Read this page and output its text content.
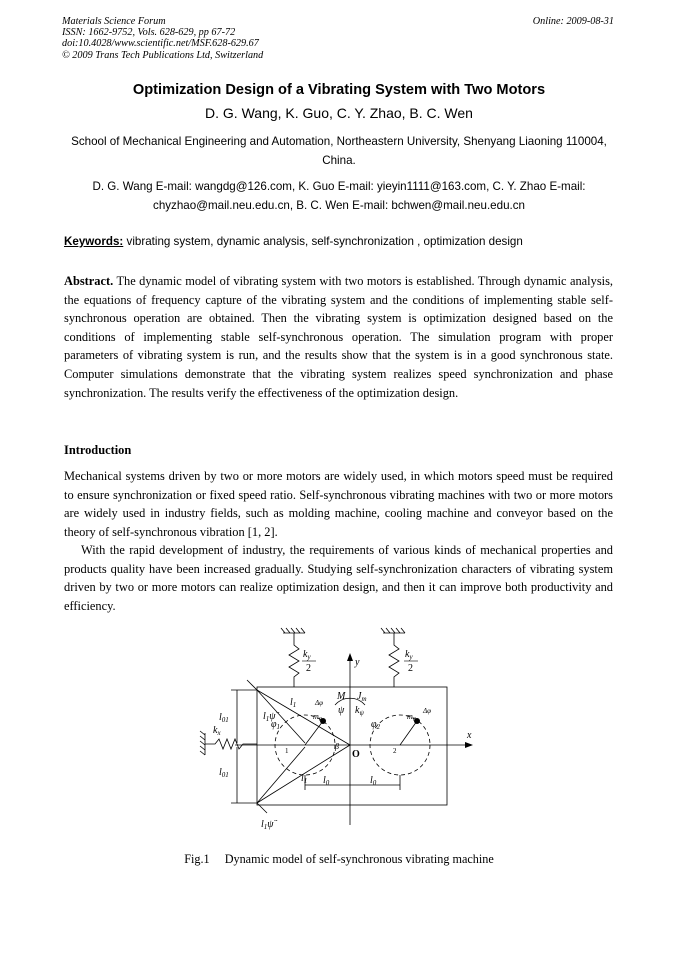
Materials Science Forum
ISSN: 1662-9752, Vols. 628-629, pp 67-72
doi:10.4028/www.scientific.net/MSF.628-629.67
© 2009 Trans Tech Publications Ltd, Switzerland
Online: 2009-08-31
Optimization Design of a Vibrating System with Two Motors
D. G. Wang, K. Guo, C. Y. Zhao, B. C. Wen
School of Mechanical Engineering and Automation, Northeastern University, Shenyang Liaoning 110004, China.
D. G. Wang E-mail: wangdg@126.com, K. Guo E-mail: yieyin1111@163.com, C. Y. Zhao E-mail: chyzhao@mail.neu.edu.cn, B. C. Wen E-mail: bchwen@mail.neu.edu.cn
Keywords: vibrating system, dynamic analysis, self-synchronization , optimization design
Abstract. The dynamic model of vibrating system with two motors is established. Through dynamic analysis, the equations of frequency capture of the vibrating system and the conditions of implementing stable self-synchronous operation are obtained. Then the vibrating system is optimization designed based on the conditions of implementing stable self-synchronous operation. The simulation program with proper parameters of vibrating system is run, and the results show that the system is in a good synchronous state. Computer simulations demonstrate that the vibrating system realizes speed synchronization and phase synchronization. The results verify the effectiveness of the optimization design.
Introduction
Mechanical systems driven by two or more motors are widely used, in which motors speed must be required to ensure synchronization or fixed speed ratio. Self-synchronous vibrating machines with two or more motors are widely used in industry fields, such as molding machine, cooling machine and conveyor based on the theory of self-synchronous vibration [1, 2].
With the rapid development of industry, the requirements of various kinds of mechanical properties and products quality have been increased gradually. Studying self-synchronization characters of vibrating system driven by two or more motors can realize optimization design, and then it can improve both productivity and efficiency.
$k_y$
2
$k_y$
2
y
x
M $J_m$
ψ $k_\psi$
$k_x$
$l_{01}$
$l_{01}$
$l_1\psï$
$l_1$
$\varphi_1$
$m_0$
Δφ
$\varphi_2$
$m_0$
Δφ
O
1	2
β
$l_1$ $l_0$	$l_0$
$l_1\psï$
Fig.1 Dynamic model of self-synchronous vibrating machine
